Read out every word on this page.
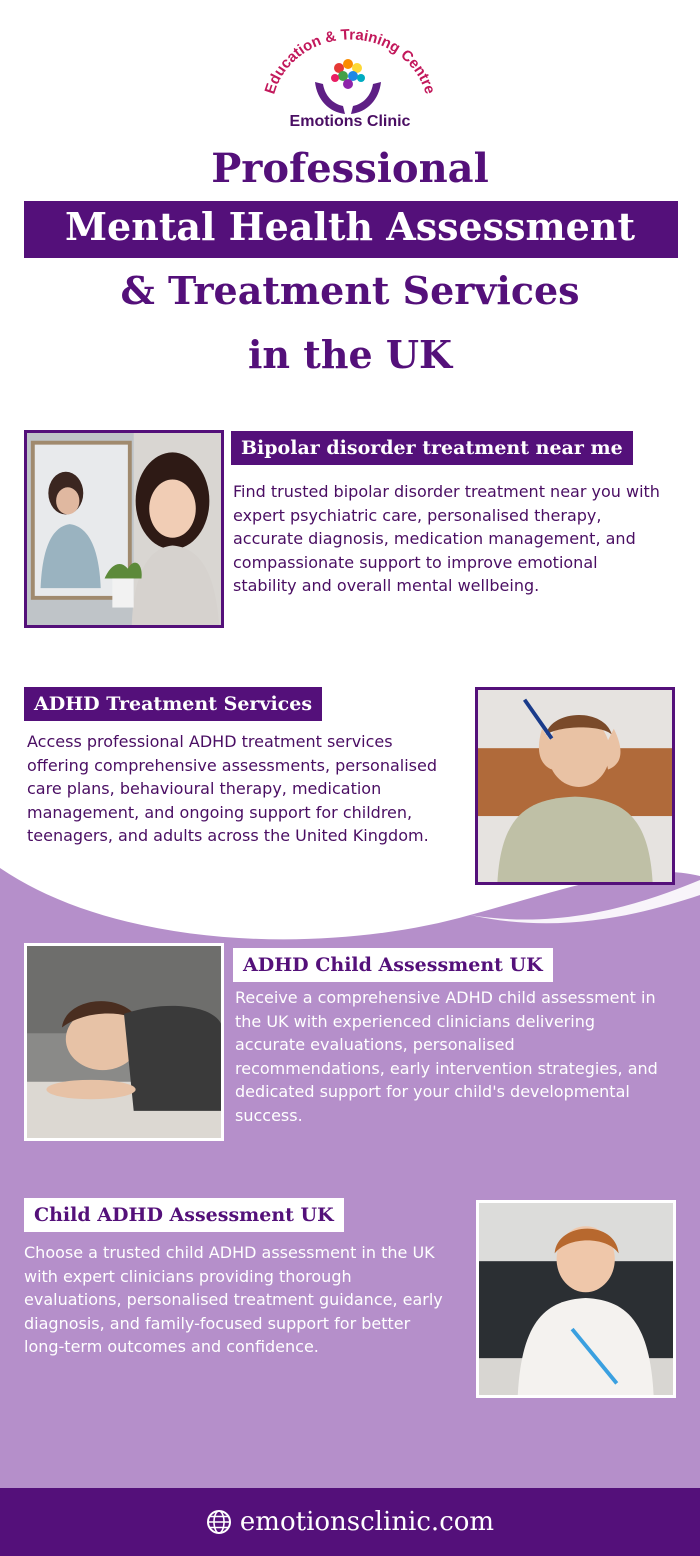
Education & Training Centre
Emotions Clinic
Professional
Mental Health Assessment
& Treatment Services
in the UK
Bipolar disorder treatment near me
Find trusted bipolar disorder treatment near you with expert psychiatric care, personalised therapy, accurate diagnosis, medication management, and compassionate support to improve emotional stability and overall mental wellbeing.
ADHD Treatment Services
Access professional ADHD treatment services offering comprehensive assessments, personalised care plans, behavioural therapy, medication management, and ongoing support for children, teenagers, and adults across the United Kingdom.
ADHD Child Assessment UK
Receive a comprehensive ADHD child assessment in the UK with experienced clinicians delivering accurate evaluations, personalised recommendations, early intervention strategies, and dedicated support for your child's developmental success.
Child ADHD Assessment UK
Choose a trusted child ADHD assessment in the UK with expert clinicians providing thorough evaluations, personalised treatment guidance, early diagnosis, and family-focused support for better long-term outcomes and confidence.
emotionsclinic.com
